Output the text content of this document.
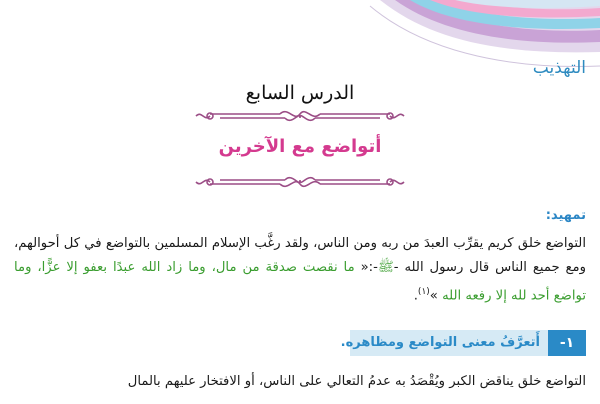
التهذيب
الدرس السابع
أتواضع مع الآخرين
تمهيد:
التواضع خلق كريم يقرِّب العبدَ من ربه ومن الناس، ولقد رغَّب الإسلام المسلمين بالتواضع في كل أحوالهم، ومع جميع الناس قال رسول الله -ﷺ-:« ما نقصت صدقة من مال، وما زاد الله عبدًا بعفو إلا عزًّا، وما تواضع أحد لله إلا رفعه الله »$^{(١)}$.
١-
أَتعرَّفُ معنى التواضع ومظاهره.
التواضع خلق يناقض الكبر ويُقْصَدُ به عدمُ التعالي على الناس، أو الافتخار عليهم بالمال
